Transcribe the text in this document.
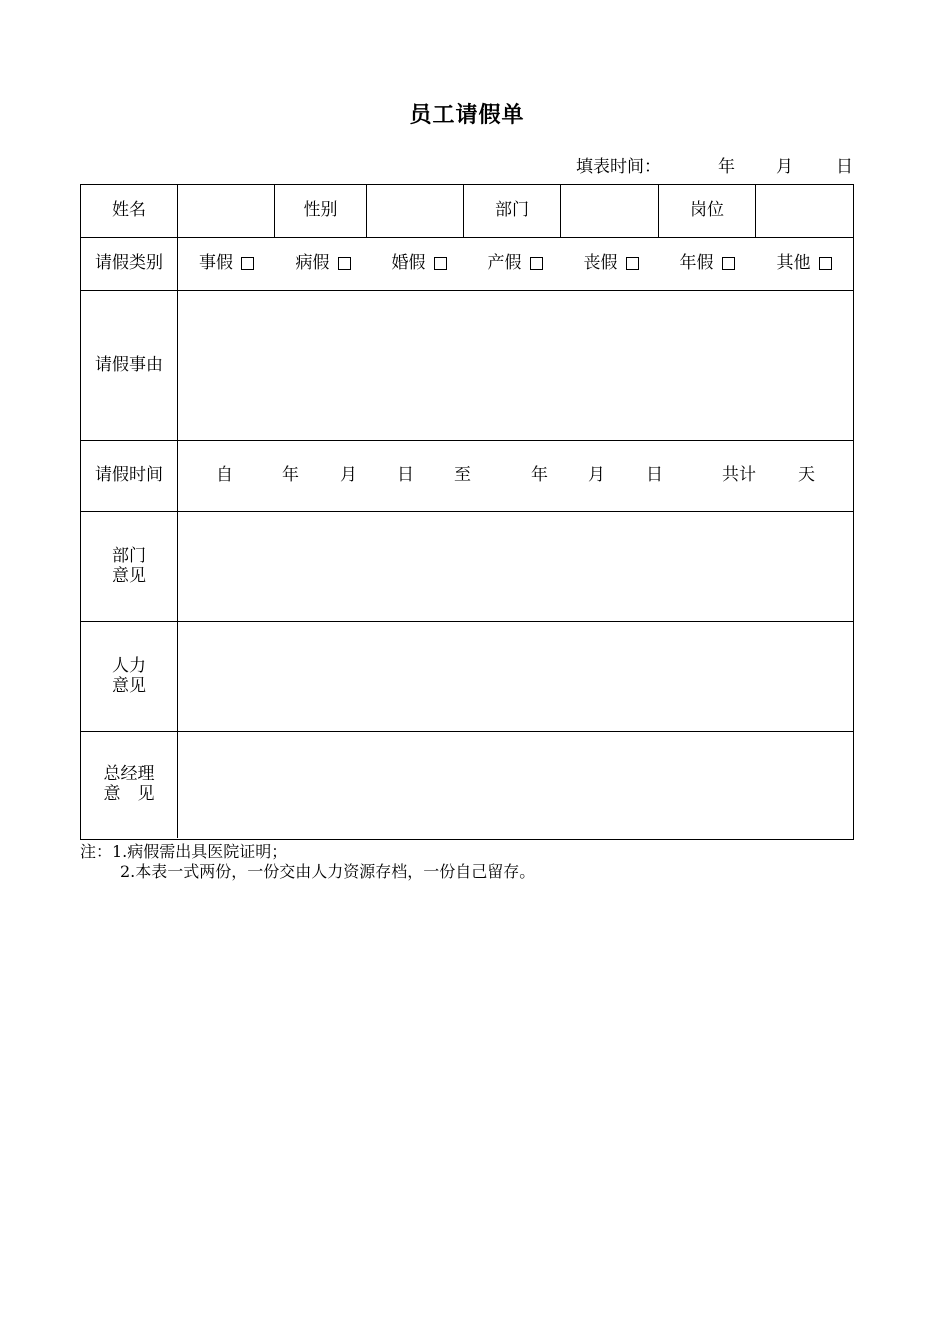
员工请假单
填表时间：	年 月	日
姓名	性别	部门	岗位
请假类别	事假	病假	婚假	产假	丧假	年假	其他
请假事由
请假时间	自	年 月 日 至	年 月 日	共计 天
部门
意见
人力
意见
总经理
意　见
注：1.病假需出具医院证明；
2.本表一式两份，一份交由人力资源存档，一份自己留存。
